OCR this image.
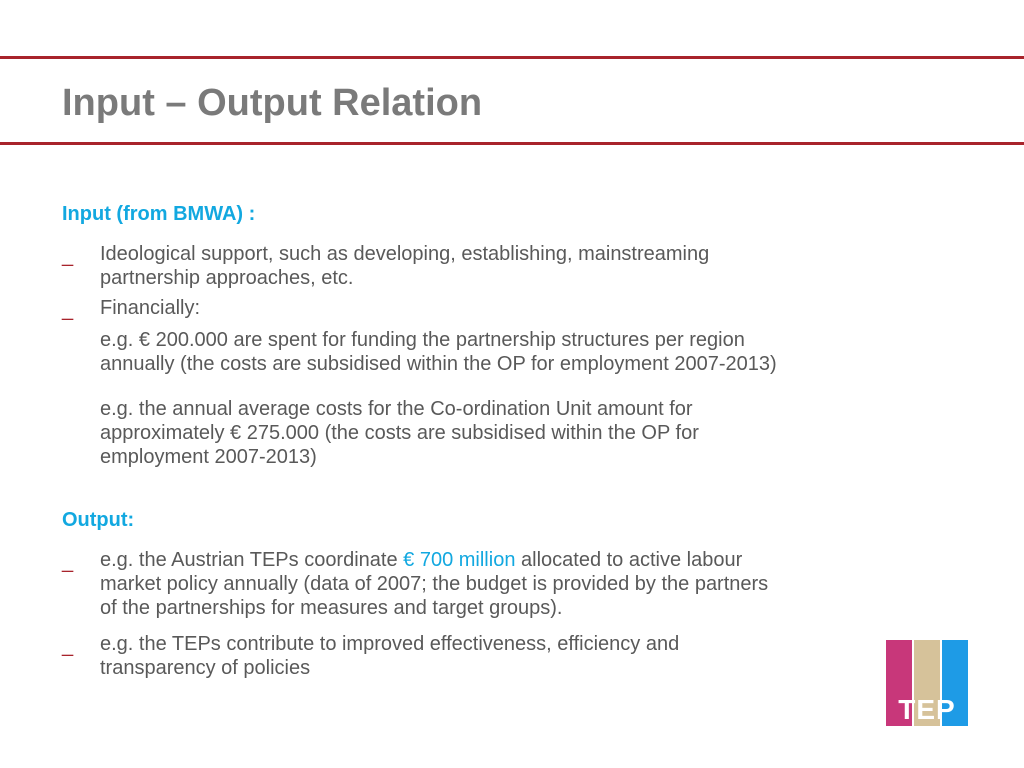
Input – Output Relation

Input (from BMWA) :

_ Ideological support, such as developing, establishing, mainstreaming
partnership approaches, etc.

_ Financially:
e.g. € 200.000 are spent for funding the partnership structures per region
annually (the costs are subsidised within the OP for employment 2007-2013)
e.g. the annual average costs for the Co-ordination Unit amount for
approximately € 275.000 (the costs are subsidised within the OP for
employment 2007-2013)

Output:

_ e.g. the Austrian TEPs coordinate € 700 million allocated to active labour
market policy annually (data of 2007; the budget is provided by the partners
of the partnerships for measures and target groups).

_ e.g. the TEPs contribute to improved effectiveness, efficiency and
transparency of policies
TEP
